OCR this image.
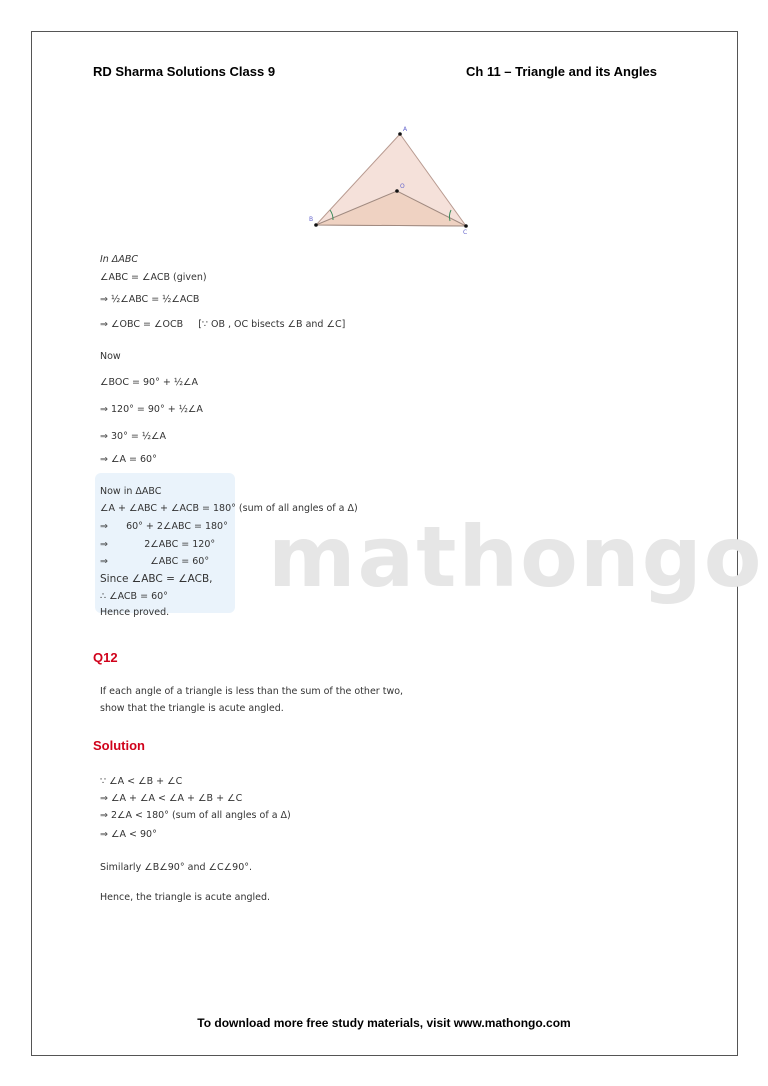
mathongo
RD Sharma Solutions Class 9	Ch 11 – Triangle and its Angles
A
B
C
O
In ΔABC
∠ABC = ∠ACB (given)
⇒ ½∠ABC = ½∠ACB
⇒ ∠OBC = ∠OCB     [∵ OB , OC bisects ∠B and ∠C]
Now
∠BOC = 90° + ½∠A
⇒ 120° = 90° + ½∠A
⇒ 30° = ½∠A
⇒ ∠A = 60°
Now in ΔABC
∠A + ∠ABC + ∠ACB = 180° (sum of all angles of a Δ)
⇒      60° + 2∠ABC = 180°
⇒            2∠ABC = 120°
⇒              ∠ABC = 60°
Since ∠ABC = ∠ACB,
∴ ∠ACB = 60°
Hence proved.
Q12
If each angle of a triangle is less than the sum of the other two,
show that the triangle is acute angled.
Solution
∵ ∠A < ∠B + ∠C
⇒ ∠A + ∠A < ∠A + ∠B + ∠C
⇒ 2∠A < 180° (sum of all angles of a Δ)
⇒ ∠A < 90°
Similarly ∠B∠90° and ∠C∠90°.
Hence, the triangle is acute angled.
To download more free study materials, visit www.mathongo.com
